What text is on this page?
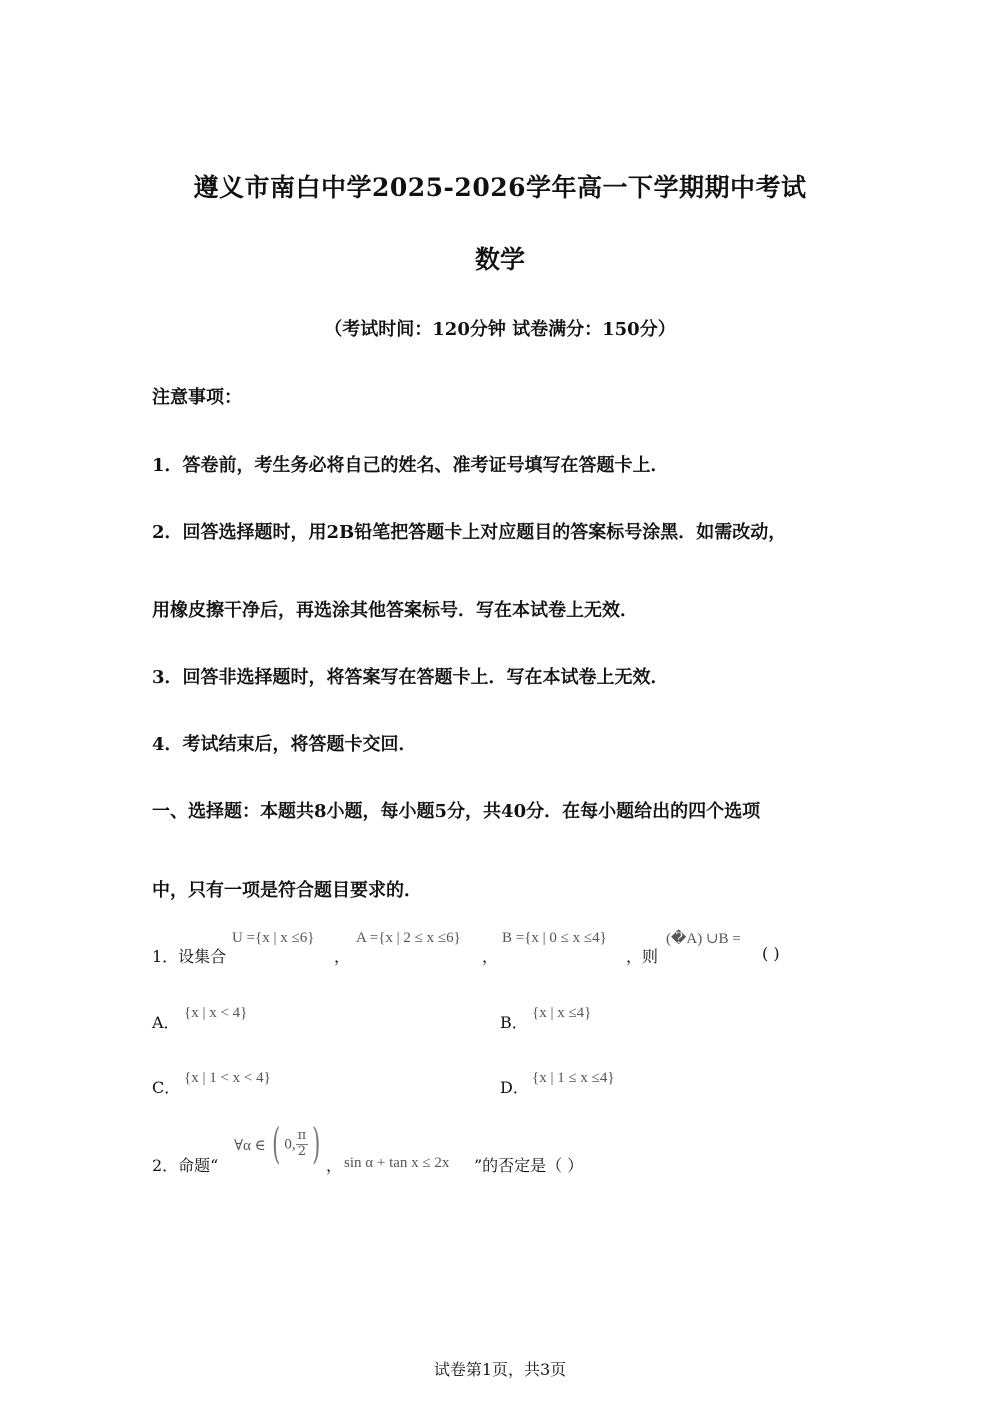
遵义市南白中学2025-2026学年高一下学期期中考试
数学
（考试时间：120分钟 试卷满分：150分）
注意事项：
1．答卷前，考生务必将自己的姓名、准考证号填写在答题卡上．
2．回答选择题时，用2B铅笔把答题卡上对应题目的答案标号涂黑．如需改动，
用橡皮擦干净后，再选涂其他答案标号．写在本试卷上无效．
3．回答非选择题时，将答案写在答题卡上．写在本试卷上无效．
4．考试结束后，将答题卡交回．
一、选择题：本题共8小题，每小题5分，共40分．在每小题给出的四个选项
中，只有一项是符合题目要求的．
1．设集合
U ={x | x ≤6}
，
A ={x | 2 ≤ x ≤6}
，
B ={x | 0 ≤ x ≤4}
，则
(�A) ∪B =
( )
A． {x | x < 4}	B． {x | x ≤4}
C． {x | 1 < x < 4}	D． {x | 1 ≤ x ≤4}
2．命题“
∀α ∈ ( 0, $\frac{\pi}{2}$ ) ， sin α + tan x ≤ 2x ”的否定是（ ）
试卷第1页，共3页
